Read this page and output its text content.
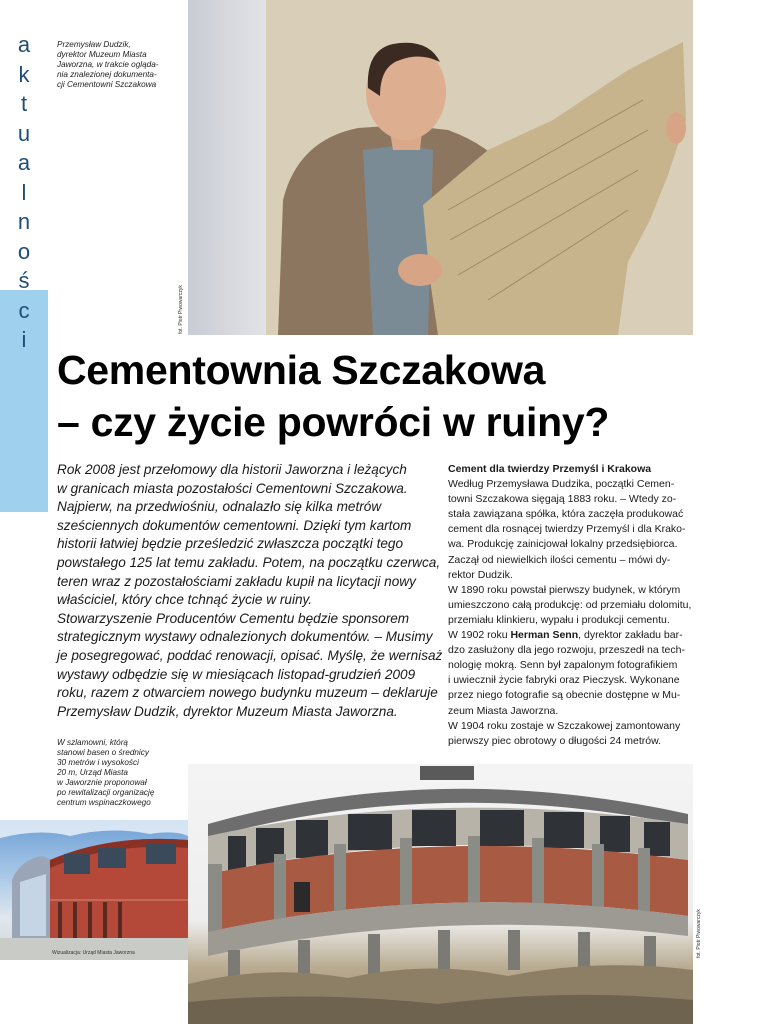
a
k
t
u
a
l
n
o
ś
c
i
Przemysław Dudzik,
dyrektor Muzeum Miasta
Jaworzna, w trakcie oglądа-
nia znalezionej dokumenta-
cji Cementowni Szczakowa
fot. Piotr Piwowarczyk
Cementownia Szczakowa
– czy życie powróci w ruiny?
Rok 2008 jest przełomowy dla historii Jaworzna i leżących
w granicach miasta pozostałości Cementowni Szczakowa.
Najpierw, na przedwiośniu, odnalazło się kilka metrów
sześciennych dokumentów cementowni. Dzięki tym kartom
historii łatwiej będzie prześledzić zwłaszcza początki tego
powstałego 125 lat temu zakładu. Potem, na początku czerwca,
teren wraz z pozostałościami zakładu kupił na licytacji nowy
właściciel, który chce tchnąć życie w ruiny.
Stowarzyszenie Producentów Cementu będzie sponsorem
strategicznym wystawy odnalezionych dokumentów. – Musimy
je posegregować, poddać renowacji, opisać. Myślę, że wernisaż
wystawy odbędzie się w miesiącach listopad-grudzień 2009
roku, razem z otwarciem nowego budynku muzeum – deklaruje
Przemysław Dudzik, dyrektor Muzeum Miasta Jaworzna.
Cement dla twierdzy Przemyśl i Krakowa
Według Przemysława Dudzika, początki Cemen-
towni Szczakowa sięgają 1883 roku. – Wtedy zo-
stała zawiązana spółka, która zaczęła produkować
cement dla rosnącej twierdzy Przemyśl i dla Krako-
wa. Produkcję zainicjował lokalny przedsiębiorca.
Zaczął od niewielkich ilości cementu – mówi dy-
rektor Dudzik.
W 1890 roku powstał pierwszy budynek, w którym
umieszczono całą produkcję: od przemiału dolomitu,
przemiału klinkieru, wypału i produkcji cementu.
W 1902 roku Herman Senn, dyrektor zakładu bar-
dzo zasłużony dla jego rozwoju, przeszedł na tech-
nologię mokrą. Senn był zapalonym fotografikiem
i uwiecznił życie fabryki oraz Pieczysk. Wykonane
przez niego fotografie są obecnie dostępne w Mu-
zeum Miasta Jaworzna.
W 1904 roku zostaje w Szczakowej zamontowany
pierwszy piec obrotowy o długości 24 metrów.
W szlamowni, którą
stanowi basen o średnicy
30 metrów i wysokości
20 m, Urząd Miasta
w Jaworznie proponował
po rewitalizacji organizację
centrum wspinaczkowego
Wizualizacja: Urząd Miasta Jaworzna	fot. Piotr Piwowarczyk
